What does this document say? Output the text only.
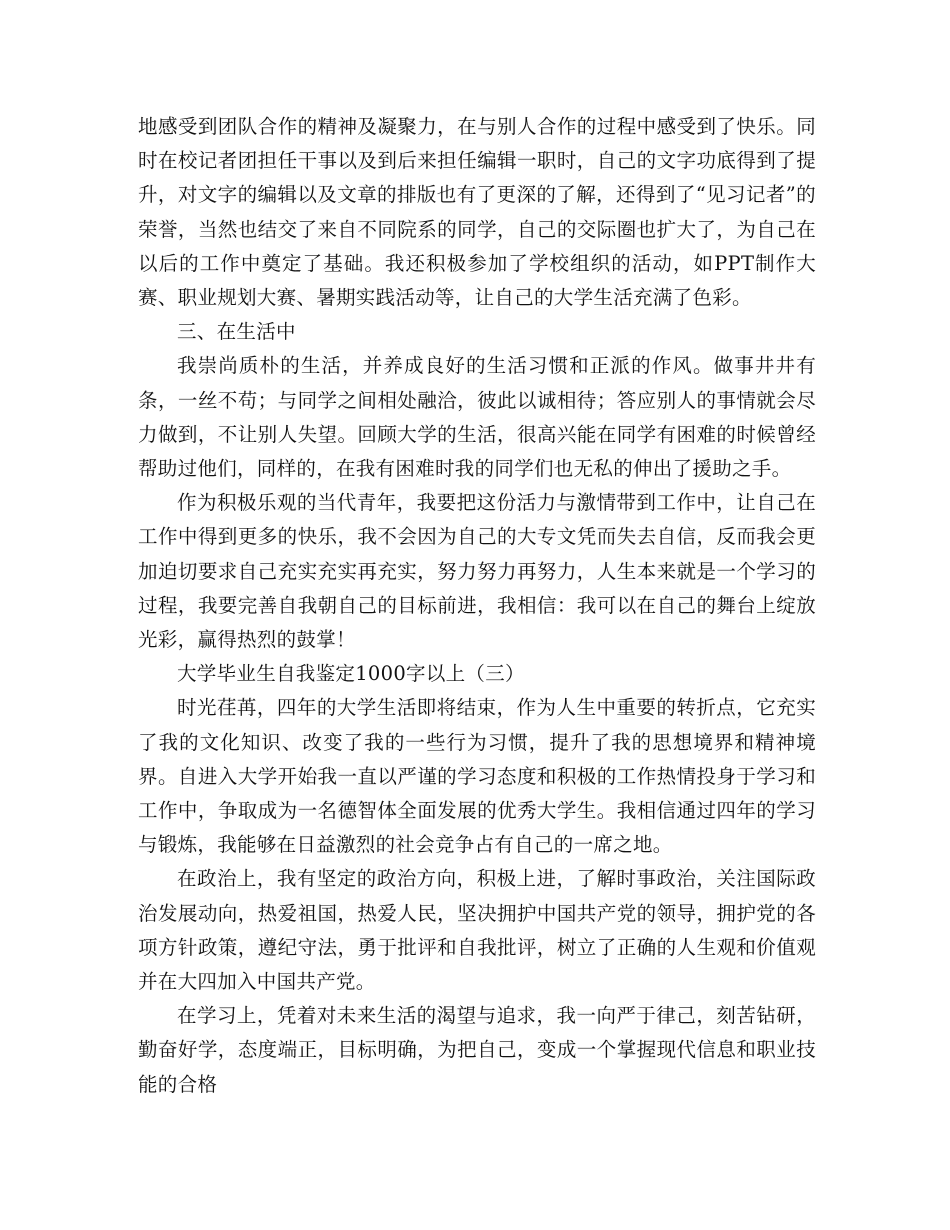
地感受到团队合作的精神及凝聚力，在与别人合作的过程中感受到了快乐。同时在校记者团担任干事以及到后来担任编辑一职时，自己的文字功底得到了提升，对文字的编辑以及文章的排版也有了更深的了解，还得到了“见习记者”的荣誉，当然也结交了来自不同院系的同学，自己的交际圈也扩大了，为自己在以后的工作中奠定了基础。我还积极参加了学校组织的活动，如PPT制作大赛、职业规划大赛、暑期实践活动等，让自己的大学生活充满了色彩。

三、在生活中

我崇尚质朴的生活，并养成良好的生活习惯和正派的作风。做事井井有条，一丝不苟；与同学之间相处融洽，彼此以诚相待；答应别人的事情就会尽力做到，不让别人失望。回顾大学的生活，很高兴能在同学有困难的时候曾经帮助过他们，同样的，在我有困难时我的同学们也无私的伸出了援助之手。

作为积极乐观的当代青年，我要把这份活力与激情带到工作中，让自己在工作中得到更多的快乐，我不会因为自己的大专文凭而失去自信，反而我会更加迫切要求自己充实充实再充实，努力努力再努力，人生本来就是一个学习的过程，我要完善自我朝自己的目标前进，我相信：我可以在自己的舞台上绽放光彩，赢得热烈的鼓掌！

大学毕业生自我鉴定1000字以上（三）

时光荏苒，四年的大学生活即将结束，作为人生中重要的转折点，它充实了我的文化知识、改变了我的一些行为习惯，提升了我的思想境界和精神境界。自进入大学开始我一直以严谨的学习态度和积极的工作热情投身于学习和工作中，争取成为一名德智体全面发展的优秀大学生。我相信通过四年的学习与锻炼，我能够在日益激烈的社会竞争占有自己的一席之地。

在政治上，我有坚定的政治方向，积极上进，了解时事政治，关注国际政治发展动向，热爱祖国，热爱人民，坚决拥护中国共产党的领导，拥护党的各项方针政策，遵纪守法，勇于批评和自我批评，树立了正确的人生观和价值观并在大四加入中国共产党。

在学习上，凭着对未来生活的渴望与追求，我一向严于律己，刻苦钻研，勤奋好学，态度端正，目标明确，为把自己，变成一个掌握现代信息和职业技能的合格
